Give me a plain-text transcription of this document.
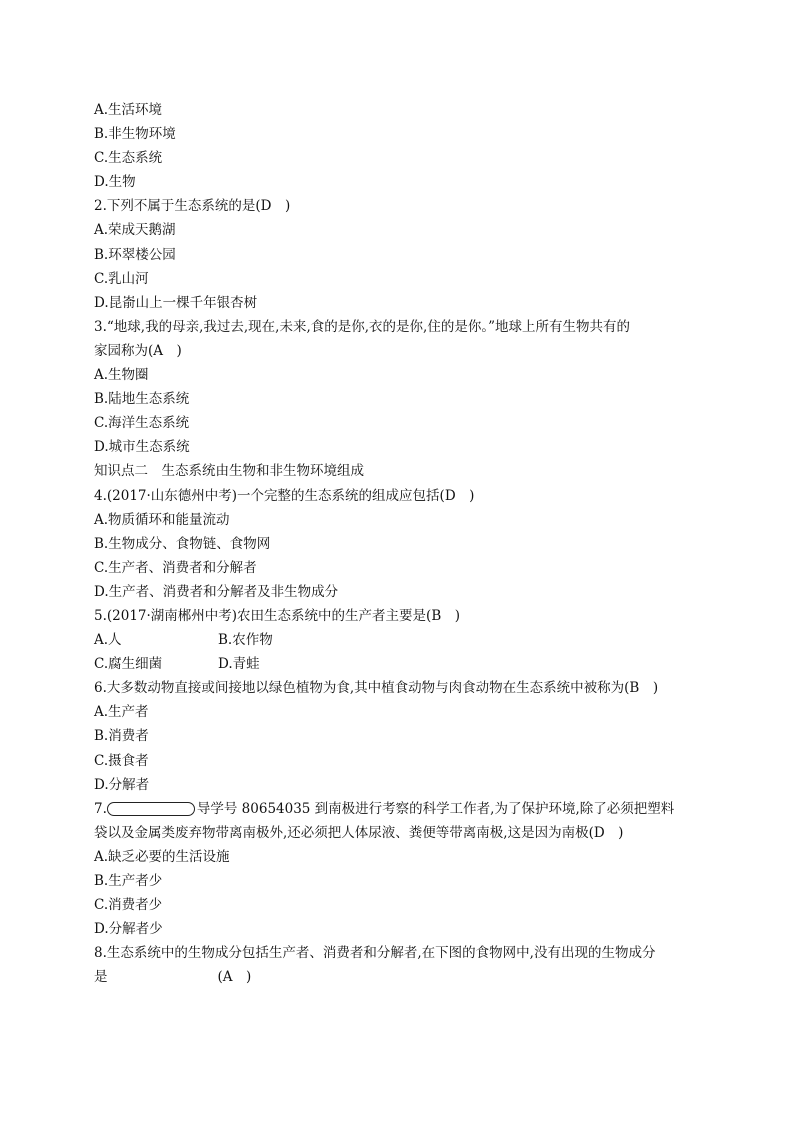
A.生活环境
B.非生物环境
C.生态系统
D.生物
2.下列不属于生态系统的是(D　)
A.荣成天鹅湖
B.环翠楼公园
C.乳山河
D.昆嵛山上一棵千年银杏树
3.“地球,我的母亲,我过去,现在,未来,食的是你,衣的是你,住的是你。”地球上所有生物共有的
家园称为(A　)
A.生物圈
B.陆地生态系统
C.海洋生态系统
D.城市生态系统
知识点二　生态系统由生物和非生物环境组成
4.(2017·山东德州中考)一个完整的生态系统的组成应包括(D　)
A.物质循环和能量流动
B.生物成分、食物链、食物网
C.生产者、消费者和分解者
D.生产者、消费者和分解者及非生物成分
5.(2017·湖南郴州中考)农田生态系统中的生产者主要是(B　)
A.人	B.农作物
C.腐生细菌	D.青蛙
6.大多数动物直接或间接地以绿色植物为食,其中植食动物与肉食动物在生态系统中被称为(B　)
A.生产者
B.消费者
C.摄食者
D.分解者
7.	导学号 80654035 到南极进行考察的科学工作者,为了保护环境,除了必须把塑料
袋以及金属类废弃物带离南极外,还必须把人体尿液、粪便等带离南极,这是因为南极(D　)
A.缺乏必要的生活设施
B.生产者少
C.消费者少
D.分解者少
8.生态系统中的生物成分包括生产者、消费者和分解者,在下图的食物网中,没有出现的生物成分
是	(A　)
